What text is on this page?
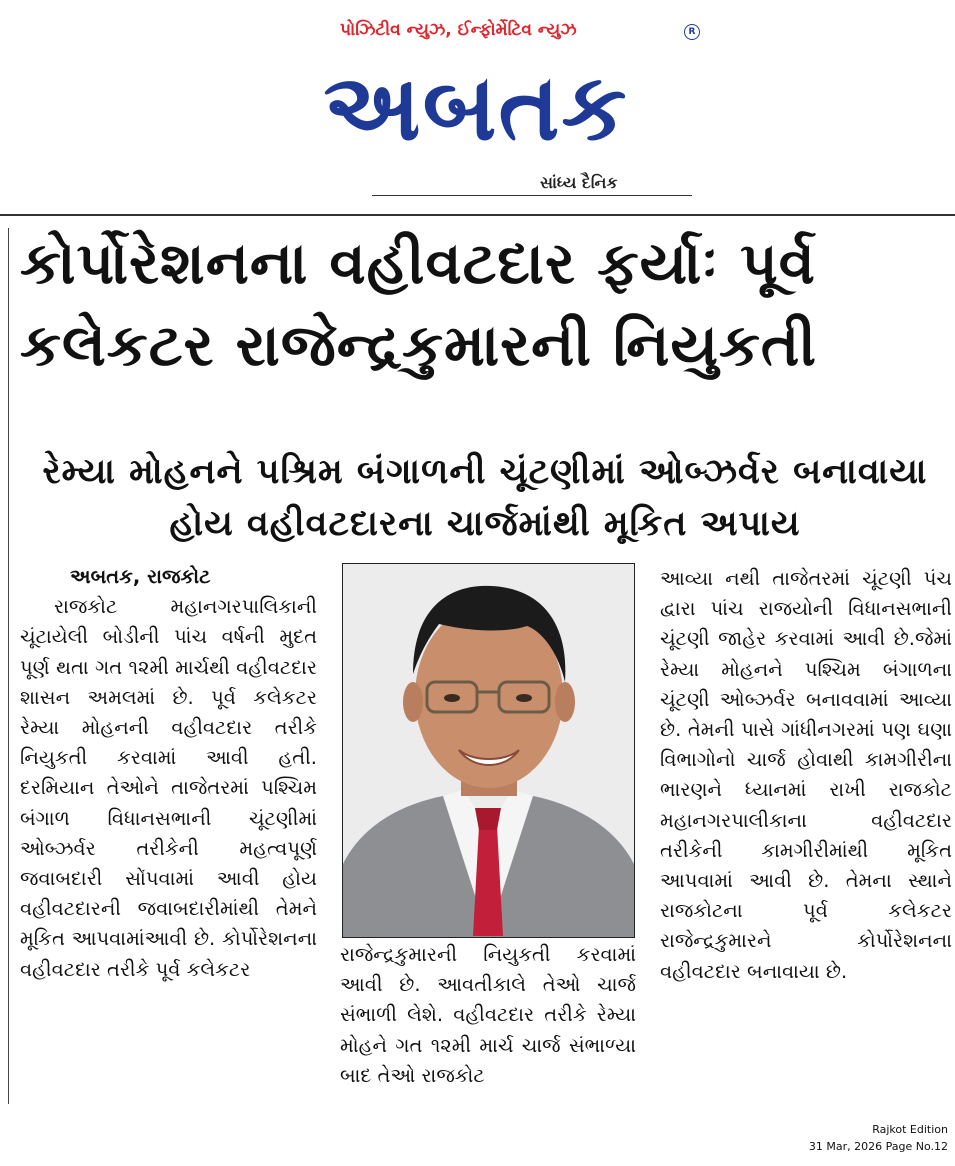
પોઝિટીવ ન્યુઝ, ઈન્ફોર્મેટિવ ન્યુઝ	R
અબતક
સાંધ્ય દૈનિક
કોર્પોરેશનના વહીવટદાર ફર્યાઃ પૂર્વ કલેકટર રાજેન્દ્રકુમારની નિયુકતી
રેમ્યા મોહનને પશ્રિમ બંગાળની ચૂંટણીમાં ઓબ્ઝર્વર બનાવાયા હોય વહીવટદારના ચાર્જમાંથી મૂકિત અપાય
અબતક, રાજકોટ
રાજકોટ મહાનગરપાલિકાની ચૂંટાયેલી બોડીની પાંચ વર્ષની મુદત પૂર્ણ થતા ગત ૧૨મી માર્ચથી વહીવટદાર શાસન અમલમાં છે. પૂર્વ કલેકટર રેમ્યા મોહનની વહીવટદાર તરીકે નિયુકતી કરવામાં આવી હતી. દરમિયાન તેઓને તાજેતરમાં પશ્ચિમ બંગાળ વિધાનસભાની ચૂંટણીમાં ઓબ્ઝર્વર તરીકેની મહત્વપૂર્ણ જવાબદારી સોંપવામાં આવી હોય વહીવટદારની જવાબદારીમાંથી તેમને મૂકિત આપવામાંઆવી છે. કોર્પોરેશનના વહીવટદાર તરીકે પૂર્વ કલેકટર
રાજેન્દ્રકુમારની નિયુકતી કરવામાં આવી છે. આવતીકાલે તેઓ ચાર્જ સંભાળી લેશે. વહીવટદાર તરીકે રેમ્યા મોહને ગત ૧૨મી માર્ચ ચાર્જ સંભાળ્યા બાદ તેઓ રાજકોટ
આવ્યા નથી તાજેતરમાં ચૂંટણી પંચ દ્વારા પાંચ રાજયોની વિધાનસભાની ચૂંટણી જાહેર કરવામાં આવી છે.જેમાં રેમ્યા મોહનને પશ્ચિમ બંગાળના ચૂંટણી ઓબ્ઝર્વર બનાવવામાં આવ્યા છે. તેમની પાસે ગાંધીનગરમાં પણ ઘણા વિભાગોનો ચાર્જ હોવાથી કામગીરીના ભારણને ધ્યાનમાં રાખી રાજકોટ મહાનગરપાલીકાના વહીવટદાર તરીકેની કામગીરીમાંથી મૂકિત આપવામાં આવી છે. તેમના સ્થાને રાજકોટના પૂર્વ કલેકટર રાજેન્દ્રકુમારને કોર્પોરેશનના વહીવટદાર બનાવાયા છે.
Rajkot Edition
31 Mar, 2026 Page No.12
